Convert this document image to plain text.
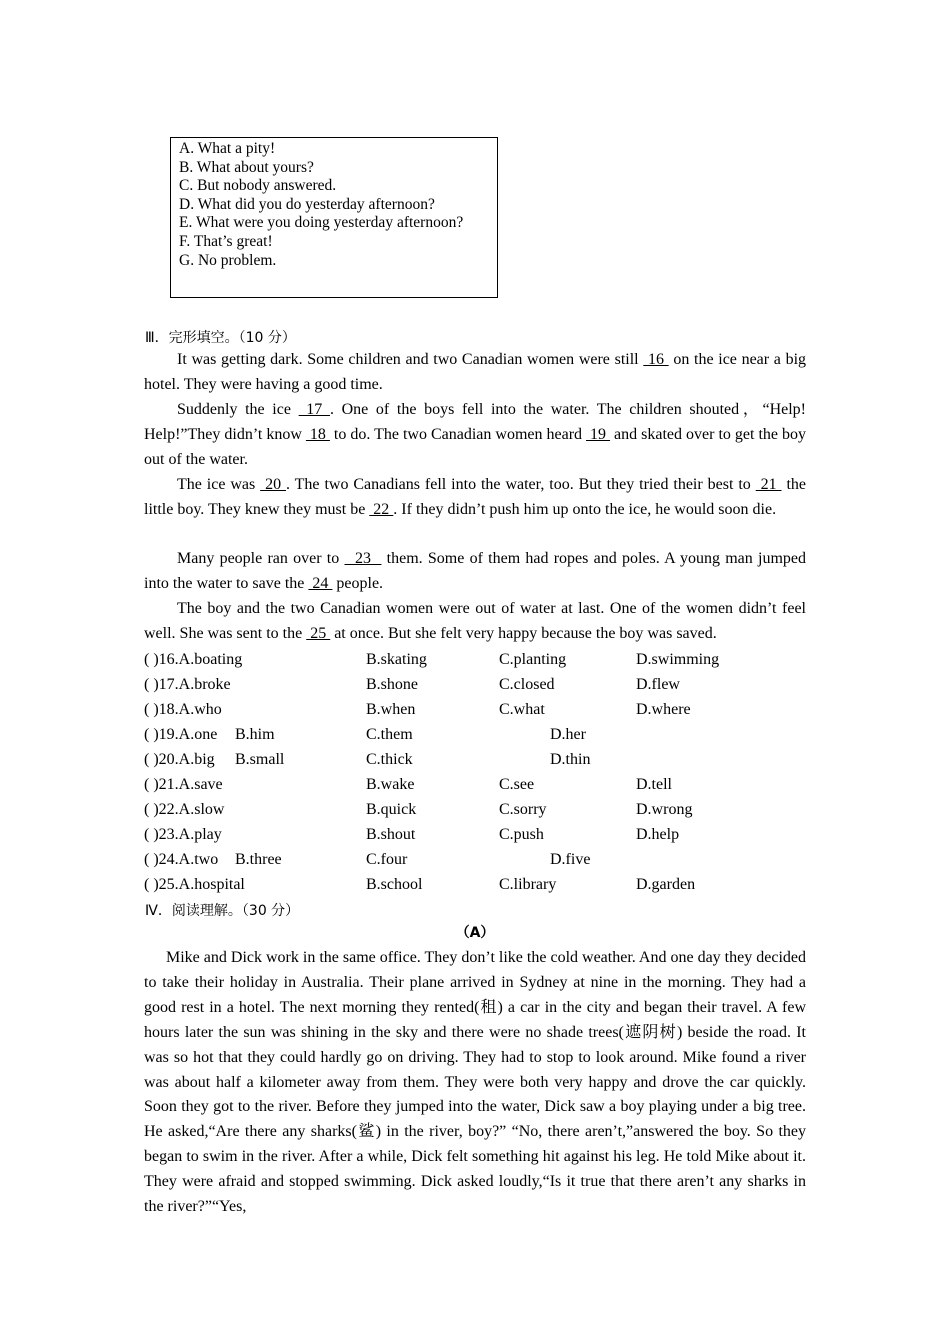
A. What a pity!
B. What about yours?
C. But nobody answered.
D. What did you do yesterday afternoon?
E. What were you doing yesterday afternoon?
F. That’s great!
G. No problem.
Ⅲ．完形填空。（10 分）
It was getting dark. Some children and two Canadian women were still  16  on the ice near a big hotel. They were having a good time.
Suddenly the ice  17 . One of the boys fell into the water. The children shouted，“Help! Help!”They didn’t know  18  to do. The two Canadian women heard  19  and skated over to get the boy out of the water.
The ice was  20 . The two Canadians fell into the water, too. But they tried their best to  21  the little boy. They knew they must be  22 . If they didn’t push him up onto the ice, he would soon die.
Many people ran over to   23   them. Some of them had ropes and poles. A young man jumped into the water to save the  24  people.
The boy and the two Canadian women were out of water at last. One of the women didn’t feel well. She was sent to the  25  at once. But she felt very happy because the boy was saved.
( )16.A.boating	B.skating	C.planting	D.swimming
( )17.A.broke	B.shone	C.closed	D.flew
( )18.A.who	B.when	C.what	D.where
( )19.A.one B.him	C.them	D.her
( )20.A.big B.small	C.thick	D.thin
( )21.A.save	B.wake	C.see	D.tell
( )22.A.slow	B.quick	C.sorry	D.wrong
( )23.A.play	B.shout	C.push	D.help
( )24.A.two B.three	C.four	D.five
( )25.A.hospital	B.school	C.library	D.garden
Ⅳ．阅读理解。（30 分）
（A）
Mike and Dick work in the same office. They don’t like the cold weather. And one day they decided to take their holiday in Australia. Their plane arrived in Sydney at nine in the morning. They had a good rest in a hotel. The next morning they rented(租) a car in the city and began their travel. A few hours later the sun was shining in the sky and there were no shade trees(遮阴树) beside the road. It was so hot that they could hardly go on driving. They had to stop to look around. Mike found a river was about half a kilometer away from them. They were both very happy and drove the car quickly. Soon they got to the river. Before they jumped into the water, Dick saw a boy playing under a big tree. He asked,“Are there any sharks(鲨) in the river, boy?” “No, there aren’t,”answered the boy. So they began to swim in the river. After a while, Dick felt something hit against his leg. He told Mike about it. They were afraid and stopped swimming. Dick asked loudly,“Is it true that there aren’t any sharks in the river?”“Yes,
